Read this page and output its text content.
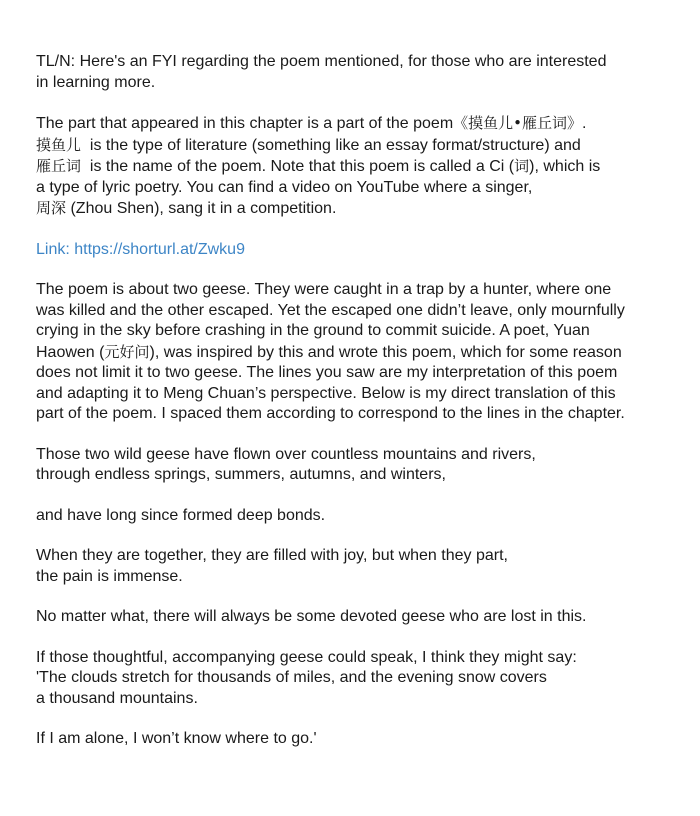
TL/N: Here's an FYI regarding the poem mentioned, for those who are interested
in learning more.

The part that appeared in this chapter is a part of the poem《摸鱼儿•雁丘词》.
摸鱼儿  is the type of literature (something like an essay format/structure) and
雁丘词  is the name of the poem. Note that this poem is called a Ci (词), which is
a type of lyric poetry. You can find a video on YouTube where a singer,
周深 (Zhou Shen), sang it in a competition.

Link: https://shorturl.at/Zwku9

The poem is about two geese. They were caught in a trap by a hunter, where one
was killed and the other escaped. Yet the escaped one didn’t leave, only mournfully
crying in the sky before crashing in the ground to commit suicide. A poet, Yuan
Haowen (元好问), was inspired by this and wrote this poem, which for some reason
does not limit it to two geese. The lines you saw are my interpretation of this poem
and adapting it to Meng Chuan’s perspective. Below is my direct translation of this
part of the poem. I spaced them according to correspond to the lines in the chapter.

Those two wild geese have flown over countless mountains and rivers,
through endless springs, summers, autumns, and winters,

and have long since formed deep bonds.

When they are together, they are filled with joy, but when they part,
the pain is immense.

No matter what, there will always be some devoted geese who are lost in this.

If those thoughtful, accompanying geese could speak, I think they might say:
'The clouds stretch for thousands of miles, and the evening snow covers
a thousand mountains.

If I am alone, I won’t know where to go.'
